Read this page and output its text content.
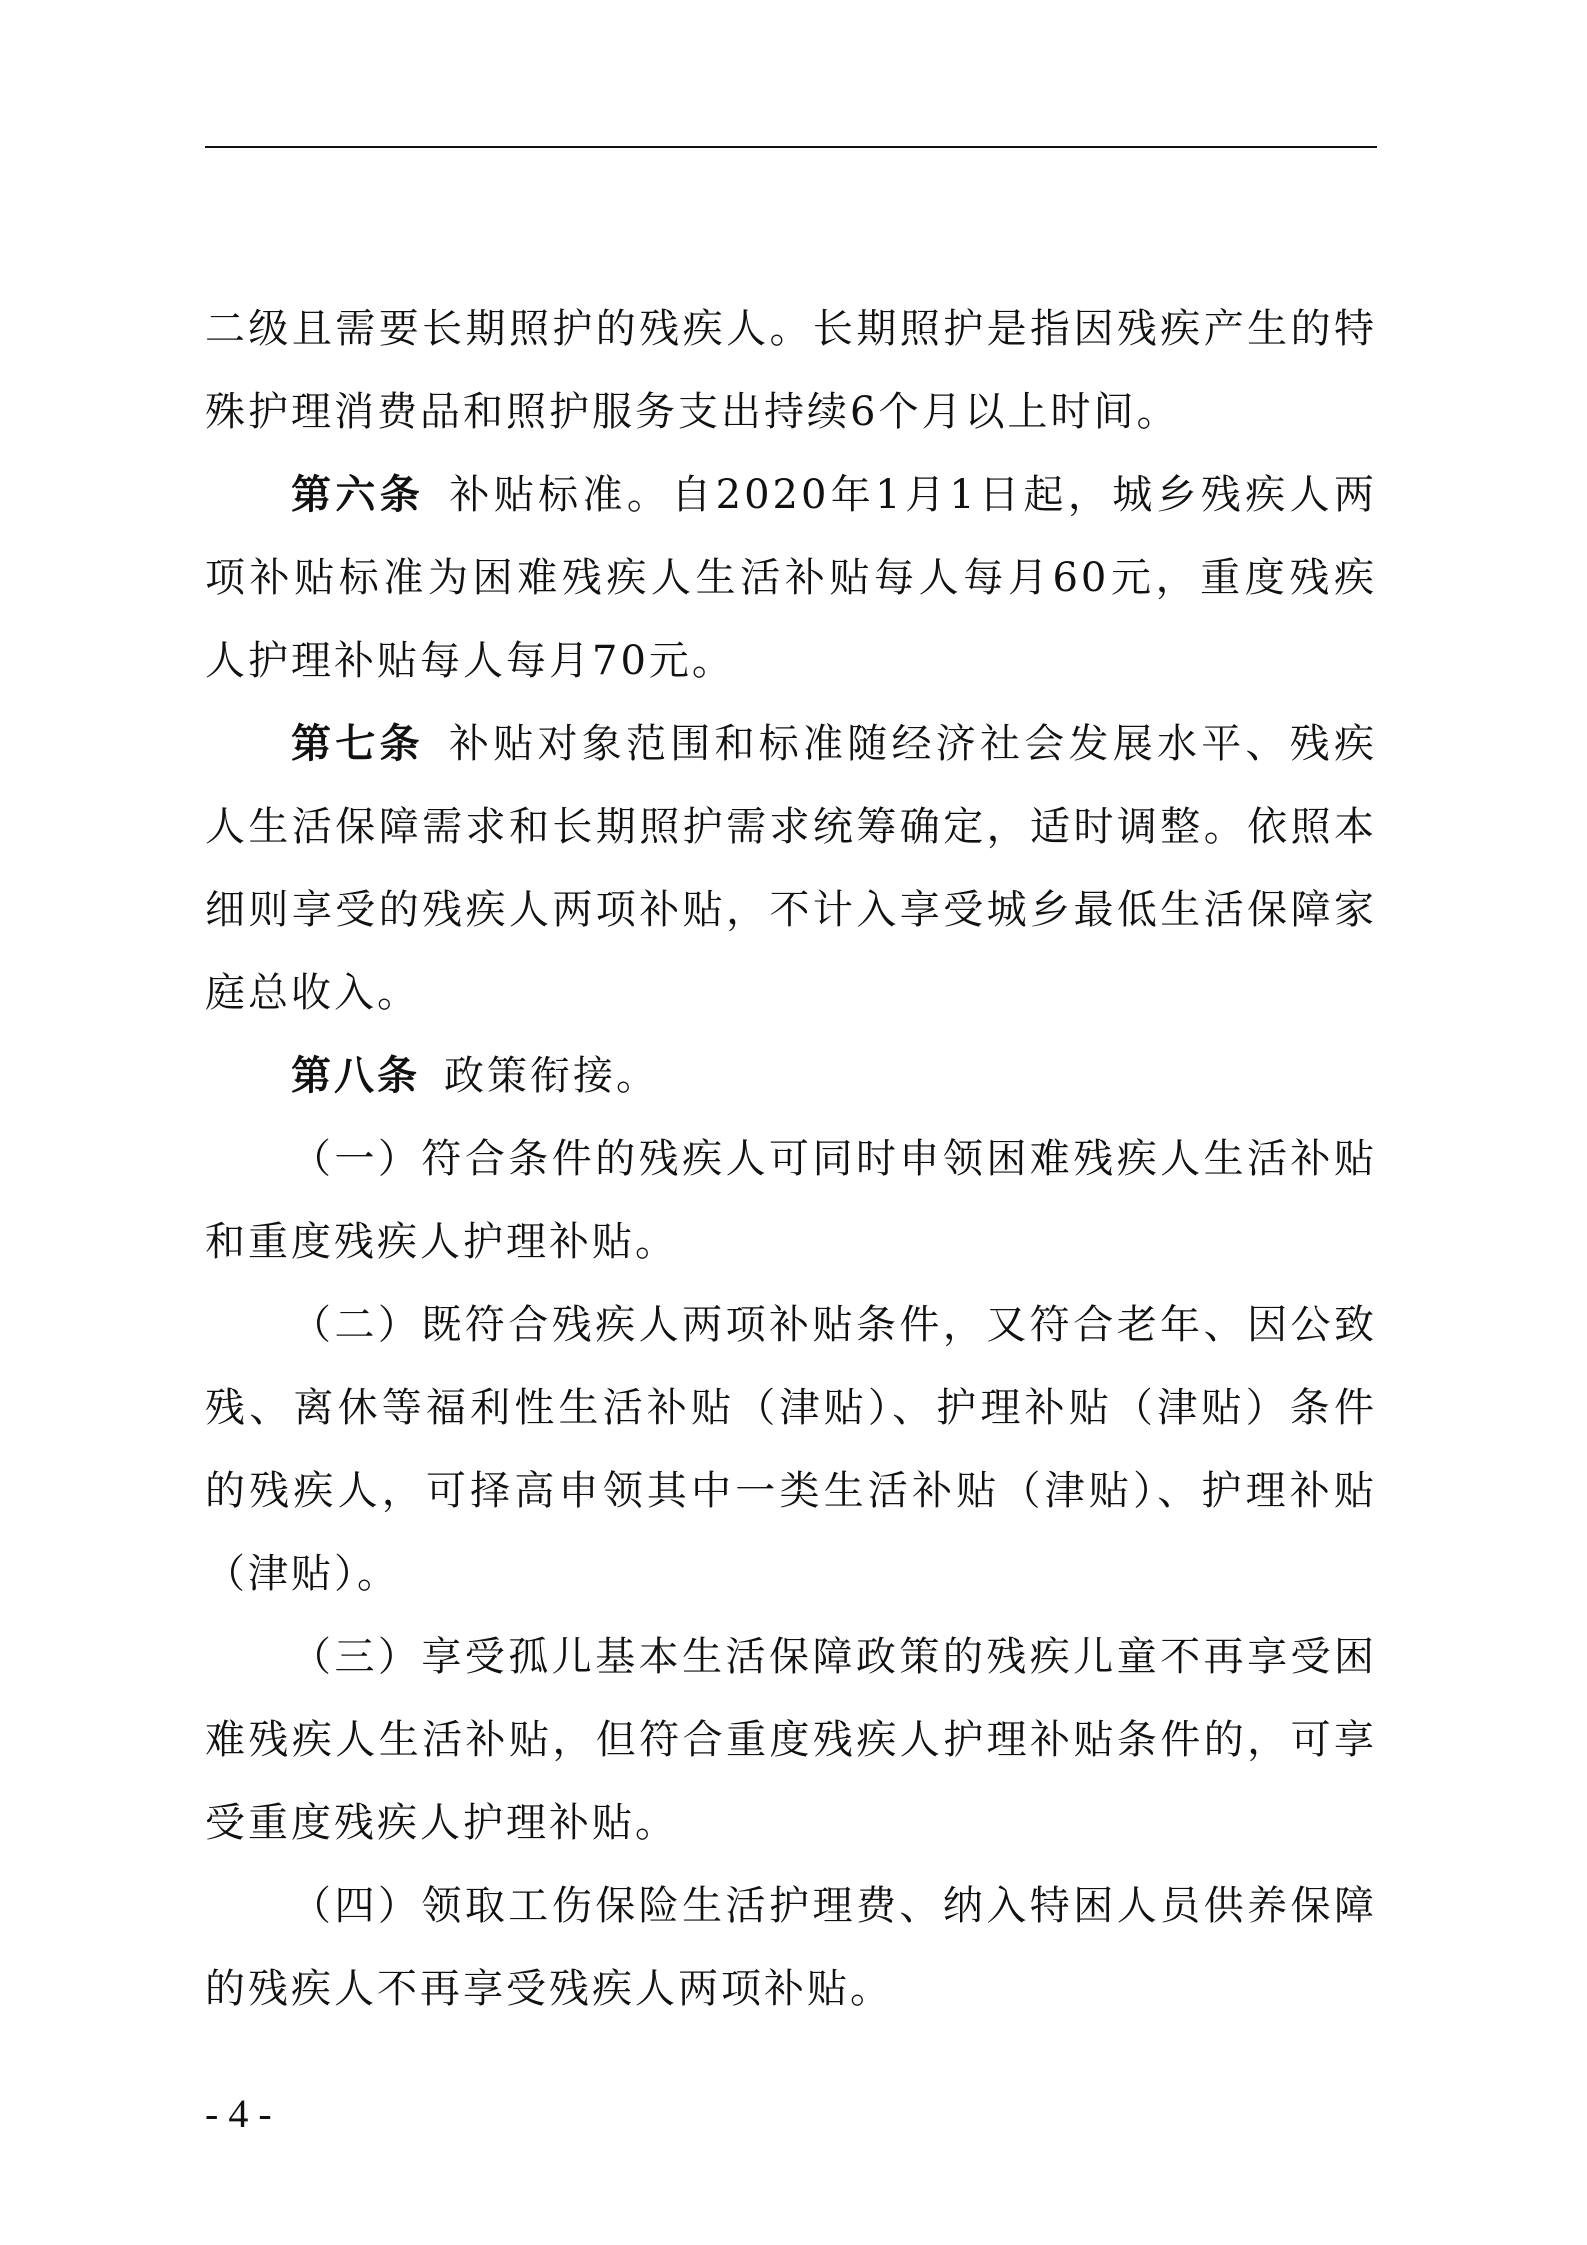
二级且需要长期照护的残疾人。长期照护是指因残疾产生的特殊护理消费品和照护服务支出持续6个月以上时间。

第六条 补贴标准。自2020年1月1日起，城乡残疾人两项补贴标准为困难残疾人生活补贴每人每月60元，重度残疾人护理补贴每人每月70元。

第七条 补贴对象范围和标准随经济社会发展水平、残疾人生活保障需求和长期照护需求统筹确定，适时调整。依照本细则享受的残疾人两项补贴，不计入享受城乡最低生活保障家庭总收入。

第八条 政策衔接。

（一）符合条件的残疾人可同时申领困难残疾人生活补贴和重度残疾人护理补贴。

（二）既符合残疾人两项补贴条件，又符合老年、因公致残、离休等福利性生活补贴（津贴）、护理补贴（津贴）条件的残疾人，可择高申领其中一类生活补贴（津贴）、护理补贴（津贴）。

（三）享受孤儿基本生活保障政策的残疾儿童不再享受困难残疾人生活补贴，但符合重度残疾人护理补贴条件的，可享受重度残疾人护理补贴。

（四）领取工伤保险生活护理费、纳入特困人员供养保障的残疾人不再享受残疾人两项补贴。

- 4 -
